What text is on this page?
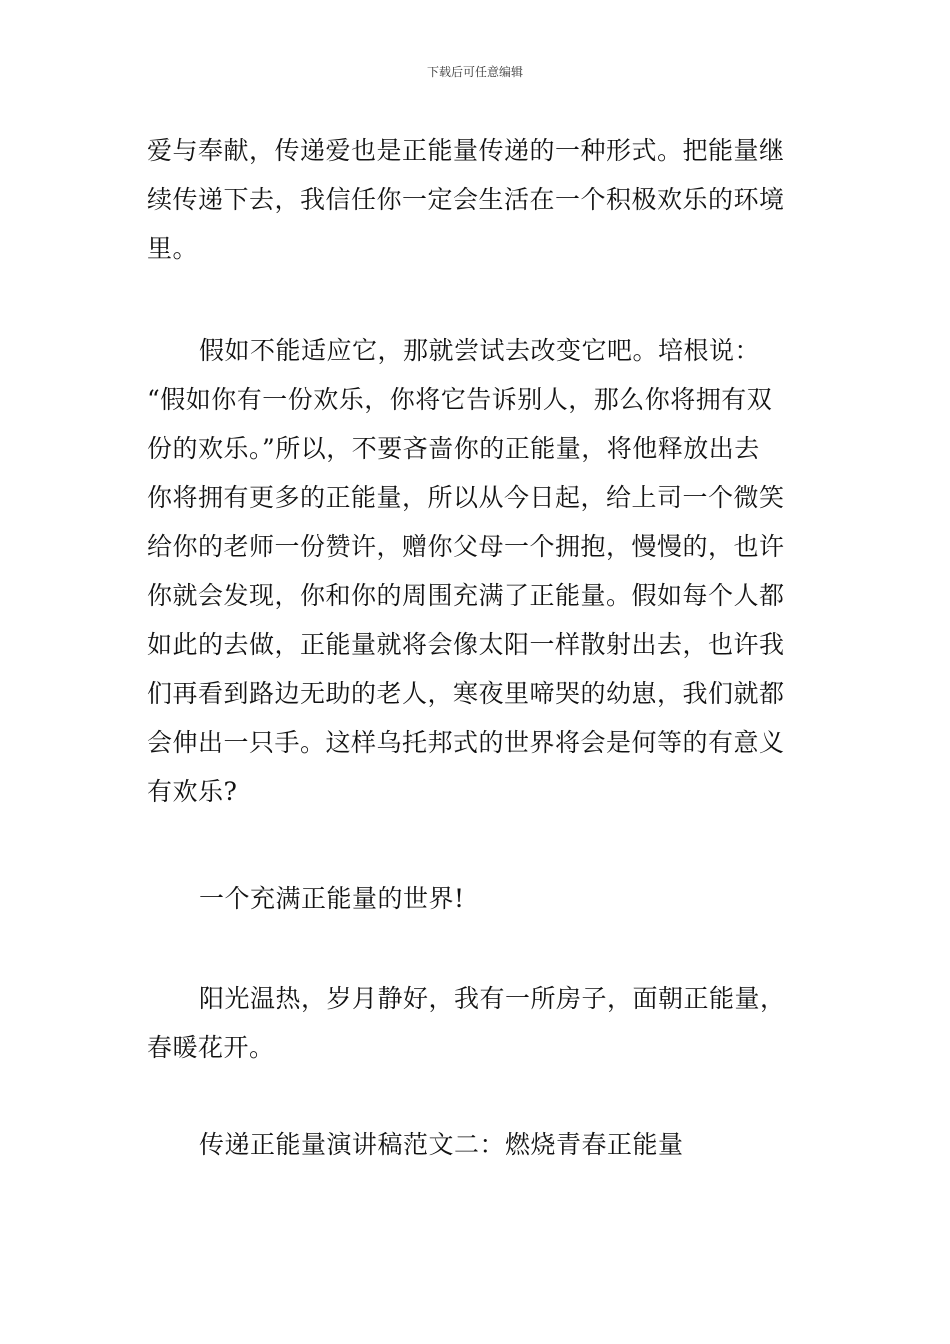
下载后可任意编辑
爱与奉献，传递爱也是正能量传递的一种形式。把能量继
续传递下去，我信任你一定会生活在一个积极欢乐的环境
里。
假如不能适应它，那就尝试去改变它吧。培根说：
“假如你有一份欢乐，你将它告诉别人，那么你将拥有双
份的欢乐。”所以，不要吝啬你的正能量，将他释放出去
你将拥有更多的正能量，所以从今日起，给上司一个微笑
给你的老师一份赞许，赠你父母一个拥抱，慢慢的，也许
你就会发现，你和你的周围充满了正能量。假如每个人都
如此的去做，正能量就将会像太阳一样散射出去，也许我
们再看到路边无助的老人，寒夜里啼哭的幼崽，我们就都
会伸出一只手。这样乌托邦式的世界将会是何等的有意义
有欢乐?
一个充满正能量的世界!
阳光温热，岁月静好，我有一所房子，面朝正能量，
春暖花开。
传递正能量演讲稿范文二：燃烧青春正能量
